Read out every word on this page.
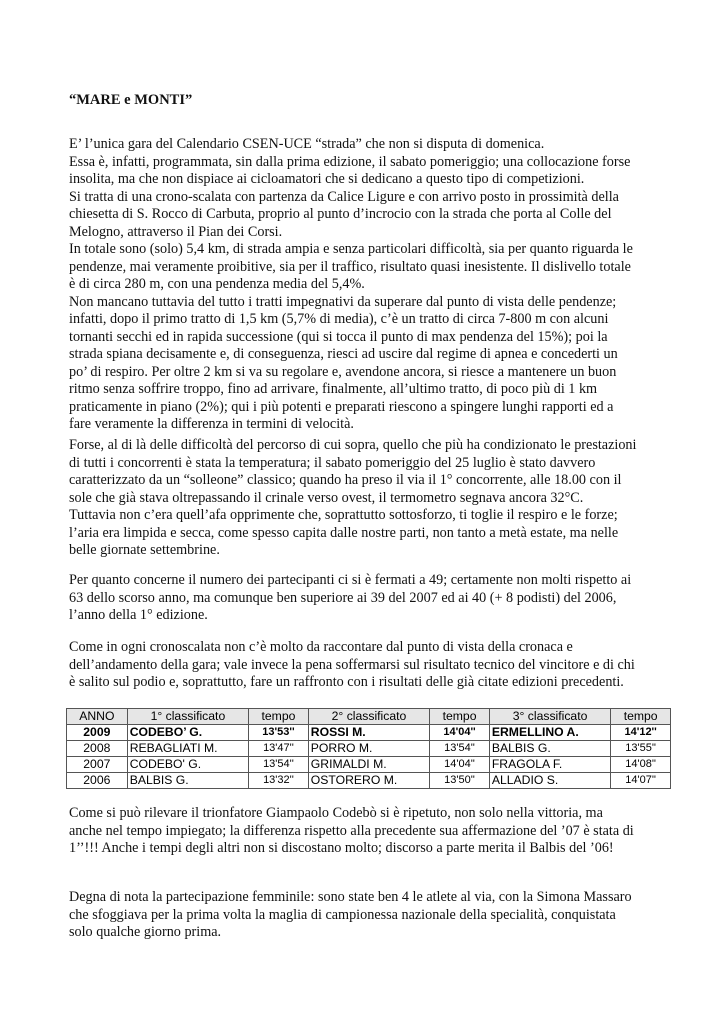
“MARE e MONTI”
E’ l’unica gara del Calendario CSEN-UCE “strada” che non si disputa di domenica.
Essa è, infatti, programmata, sin dalla prima edizione, il sabato pomeriggio; una collocazione forse
insolita, ma che non dispiace ai cicloamatori che si dedicano a questo tipo di competizioni.
Si tratta di una crono-scalata con partenza da Calice Ligure e con arrivo posto in prossimità della
chiesetta di S. Rocco di Carbuta, proprio al punto d’incrocio con la strada che porta al Colle del
Melogno, attraverso il Pian dei Corsi.
In totale sono (solo) 5,4 km, di strada ampia e senza particolari difficoltà, sia per quanto riguarda le
pendenze, mai veramente proibitive, sia per il traffico, risultato quasi inesistente. Il dislivello totale
è di circa 280 m, con una pendenza media del 5,4%.
Non mancano tuttavia del tutto i tratti impegnativi da superare dal punto di vista delle pendenze;
infatti, dopo il primo tratto di 1,5 km (5,7% di media), c’è un tratto di circa 7-800 m con alcuni
tornanti secchi ed in rapida successione (qui si tocca il punto di max pendenza del 15%); poi la
strada spiana decisamente e, di conseguenza, riesci ad uscire dal regime di apnea e concederti un
po’ di respiro. Per oltre 2 km si va su regolare e, avendone ancora, si riesce a mantenere un buon
ritmo senza soffrire troppo, fino ad arrivare, finalmente, all’ultimo tratto, di poco più di 1 km
praticamente in piano (2%); qui i più potenti e preparati riescono a spingere lunghi rapporti ed a
fare veramente la differenza in termini di velocità.
Forse, al di là delle difficoltà del percorso di cui sopra, quello che più ha condizionato le prestazioni
di tutti i concorrenti è stata la temperatura; il sabato pomeriggio del 25 luglio è stato davvero
caratterizzato da un “solleone” classico; quando ha preso il via il 1° concorrente, alle 18.00 con il
sole che già stava oltrepassando il crinale verso ovest, il termometro segnava ancora 32°C.
Tuttavia non c’era quell’afa opprimente che, soprattutto sottosforzo, ti toglie il respiro e le forze;
l’aria era limpida e secca, come spesso capita dalle nostre parti, non tanto a metà estate, ma nelle
belle giornate settembrine.
Per quanto concerne il numero dei partecipanti ci si è fermati a 49; certamente non molti rispetto ai
63 dello scorso anno, ma comunque ben superiore ai 39 del 2007 ed ai 40 (+ 8 podisti) del 2006,
l’anno della 1° edizione.
Come in ogni cronoscalata non c’è molto da raccontare dal punto di vista della cronaca e
dell’andamento della gara; vale invece la pena soffermarsi sul risultato tecnico del vincitore e di chi
è salito sul podio e, soprattutto, fare un raffronto con i risultati delle già citate edizioni precedenti.
ANNO	1° classificato	tempo	2° classificato	tempo	3° classificato	tempo
2009	CODEBO’ G.	13'53''	ROSSI M.	14'04''	ERMELLINO A.	14'12''
2008	REBAGLIATI M.	13'47''	PORRO M.	13'54''	BALBIS G.	13'55''
2007	CODEBO' G.	13'54''	GRIMALDI M.	14'04''	FRAGOLA F.	14'08''
2006	BALBIS G.	13'32''	OSTORERO M.	13'50''	ALLADIO S.	14'07''
Come si può rilevare il trionfatore Giampaolo Codebò si è ripetuto, non solo nella vittoria, ma
anche nel tempo impiegato; la differenza rispetto alla precedente sua affermazione del ’07 è stata di
1’’!!! Anche i tempi degli altri non si discostano molto; discorso a parte merita il Balbis del ’06!
Degna di nota la partecipazione femminile: sono state ben 4 le atlete al via, con la Simona Massaro
che sfoggiava per la prima volta la maglia di campionessa nazionale della specialità, conquistata
solo qualche giorno prima.
